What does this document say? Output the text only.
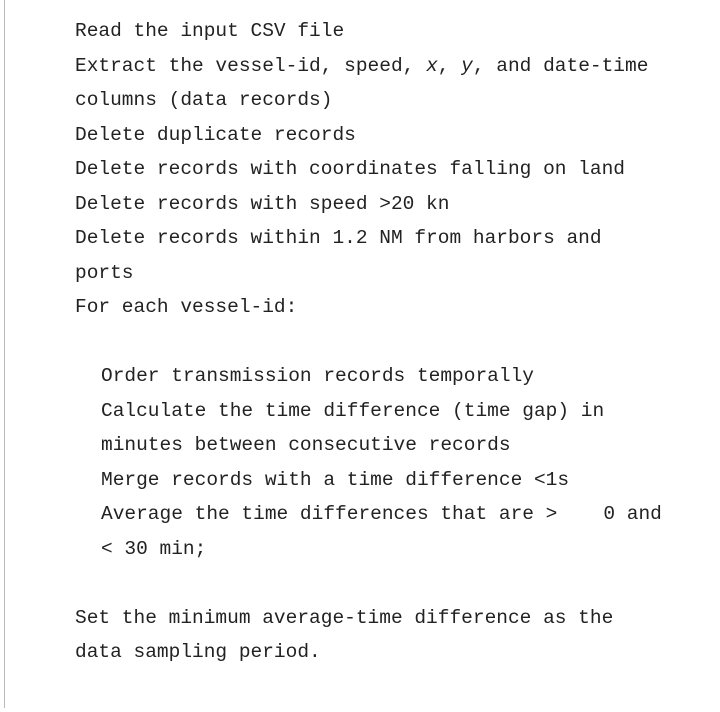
Read the input CSV file
Extract the vessel-id, speed, x, y, and date-time
columns (data records)
Delete duplicate records
Delete records with coordinates falling on land
Delete records with speed >20 kn
Delete records within 1.2 NM from harbors and
ports
For each vessel-id:
Order transmission records temporally
Calculate the time difference (time gap) in
minutes between consecutive records
Merge records with a time difference <1s
Average the time differences that are > 0 and
< 30 min;
Set the minimum average-time difference as the
data sampling period.
